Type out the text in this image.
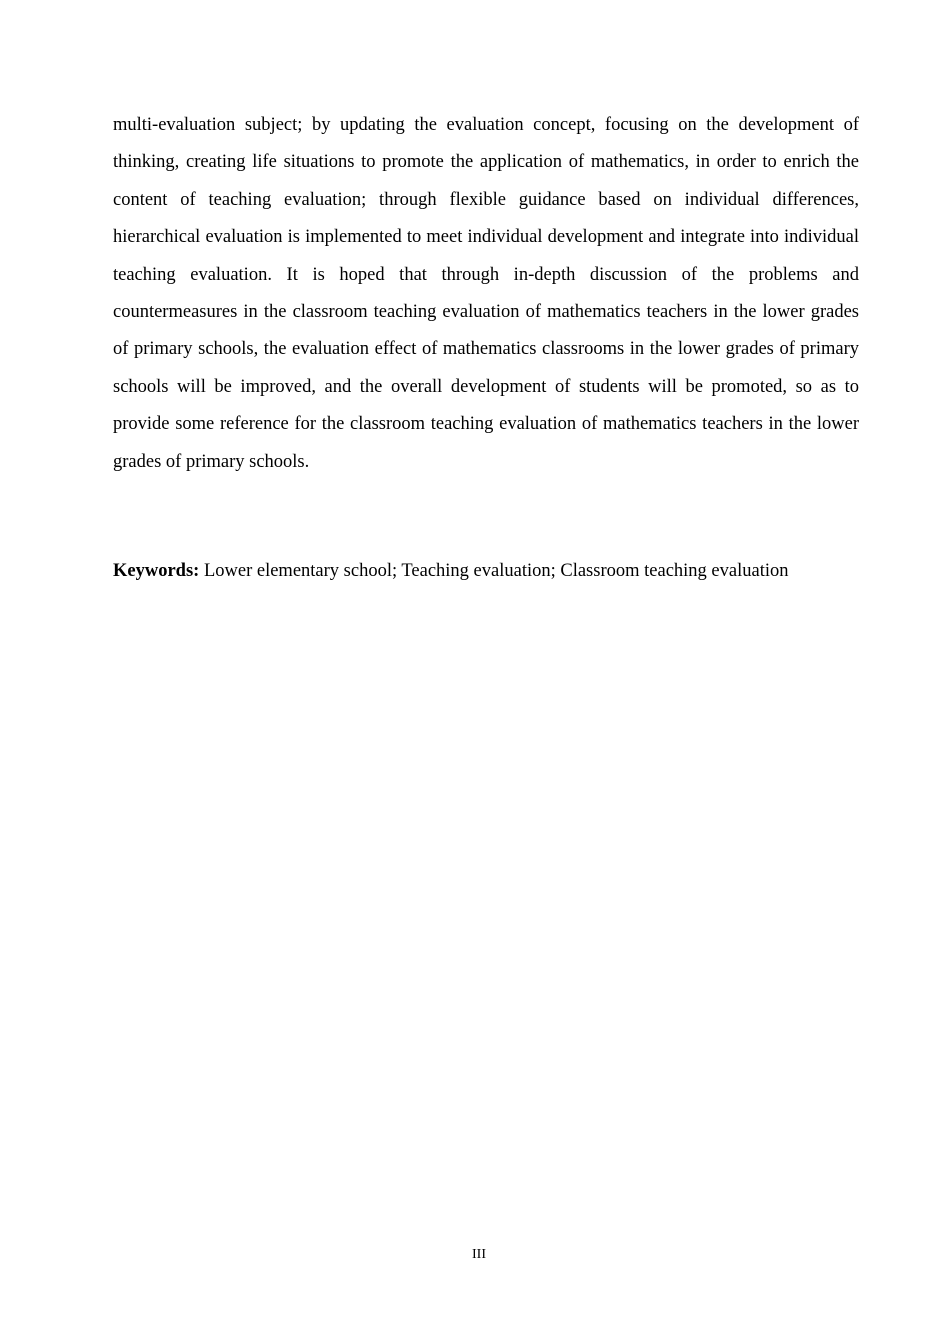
multi-evaluation subject; by updating the evaluation concept, focusing on the development of thinking, creating life situations to promote the application of mathematics, in order to enrich the content of teaching evaluation; through flexible guidance based on individual differences, hierarchical evaluation is implemented to meet individual development and integrate into individual teaching evaluation. It is hoped that through in-depth discussion of the problems and countermeasures in the classroom teaching evaluation of mathematics teachers in the lower grades of primary schools, the evaluation effect of mathematics classrooms in the lower grades of primary schools will be improved, and the overall development of students will be promoted, so as to provide some reference for the classroom teaching evaluation of mathematics teachers in the lower grades of primary schools.

Keywords: Lower elementary school; Teaching evaluation; Classroom teaching evaluation

III
